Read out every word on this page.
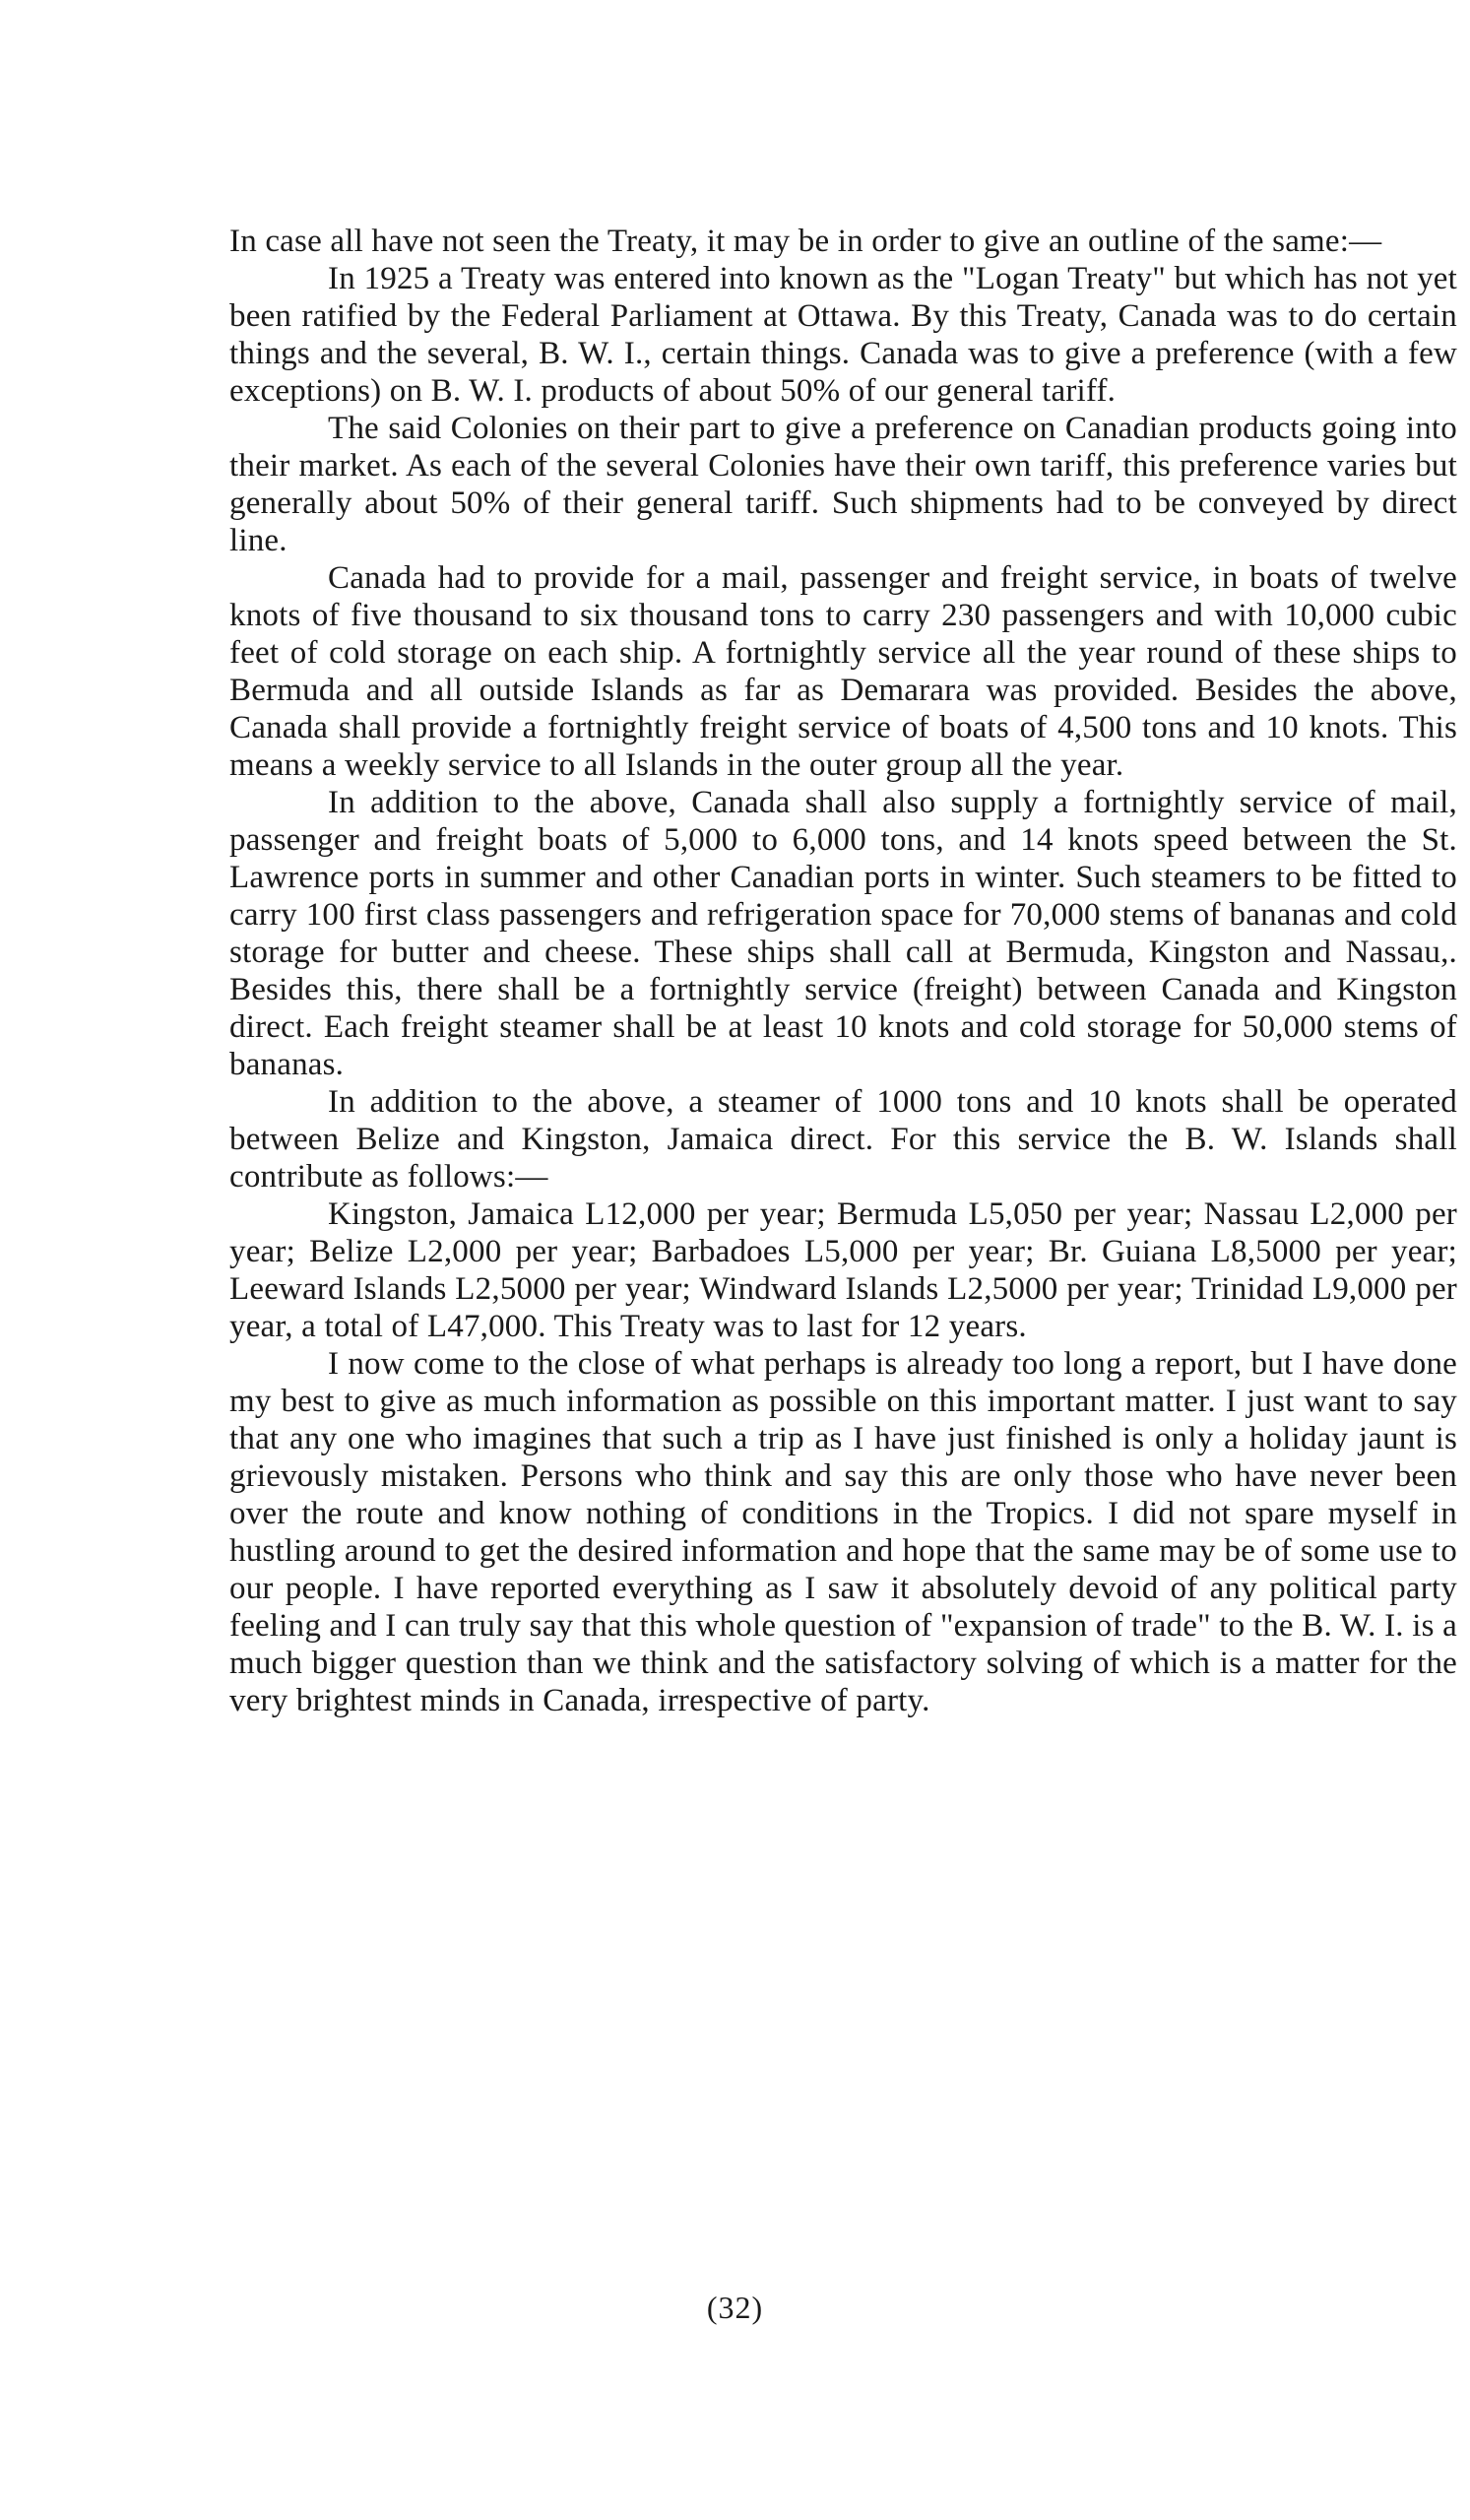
In case all have not seen the Treaty, it may be in order to give an outline of the same:—

In 1925 a Treaty was entered into known as the "Logan Treaty" but which has not yet been ratified by the Federal Parliament at Ottawa. By this Treaty, Canada was to do certain things and the several, B. W. I., certain things. Canada was to give a preference (with a few exceptions) on B. W. I. products of about 50% of our general tariff.

The said Colonies on their part to give a preference on Canadian products going into their market. As each of the several Colonies have their own tariff, this preference varies but generally about 50% of their general tariff. Such shipments had to be conveyed by direct line.

Canada had to provide for a mail, passenger and freight service, in boats of twelve knots of five thousand to six thousand tons to carry 230 passengers and with 10,000 cubic feet of cold storage on each ship. A fortnightly service all the year round of these ships to Bermuda and all outside Islands as far as Demarara was provided. Besides the above, Canada shall provide a fortnightly freight service of boats of 4,500 tons and 10 knots. This means a weekly service to all Islands in the outer group all the year.

In addition to the above, Canada shall also supply a fortnightly service of mail, passenger and freight boats of 5,000 to 6,000 tons, and 14 knots speed between the St. Lawrence ports in summer and other Canadian ports in winter. Such steamers to be fitted to carry 100 first class passengers and refrigeration space for 70,000 stems of bananas and cold storage for butter and cheese. These ships shall call at Bermuda, Kingston and Nassau,. Besides this, there shall be a fortnightly service (freight) between Canada and Kingston direct. Each freight steamer shall be at least 10 knots and cold storage for 50,000 stems of bananas.

In addition to the above, a steamer of 1000 tons and 10 knots shall be operated between Belize and Kingston, Jamaica direct. For this service the B. W. Islands shall contribute as follows:—

Kingston, Jamaica L12,000 per year; Bermuda L5,050 per year; Nassau L2,000 per year; Belize L2,000 per year; Barbadoes L5,000 per year; Br. Guiana L8,5000 per year; Leeward Islands L2,5000 per year; Windward Islands L2,5000 per year; Trinidad L9,000 per year, a total of L47,000. This Treaty was to last for 12 years.

I now come to the close of what perhaps is already too long a report, but I have done my best to give as much information as possible on this important matter. I just want to say that any one who imagines that such a trip as I have just finished is only a holiday jaunt is grievously mistaken. Persons who think and say this are only those who have never been over the route and know nothing of conditions in the Tropics. I did not spare myself in hustling around to get the desired information and hope that the same may be of some use to our people. I have reported everything as I saw it absolutely devoid of any political party feeling and I can truly say that this whole question of "expansion of trade" to the B. W. I. is a much bigger question than we think and the satisfactory solving of which is a matter for the very brightest minds in Canada, irrespective of party.

(32)
